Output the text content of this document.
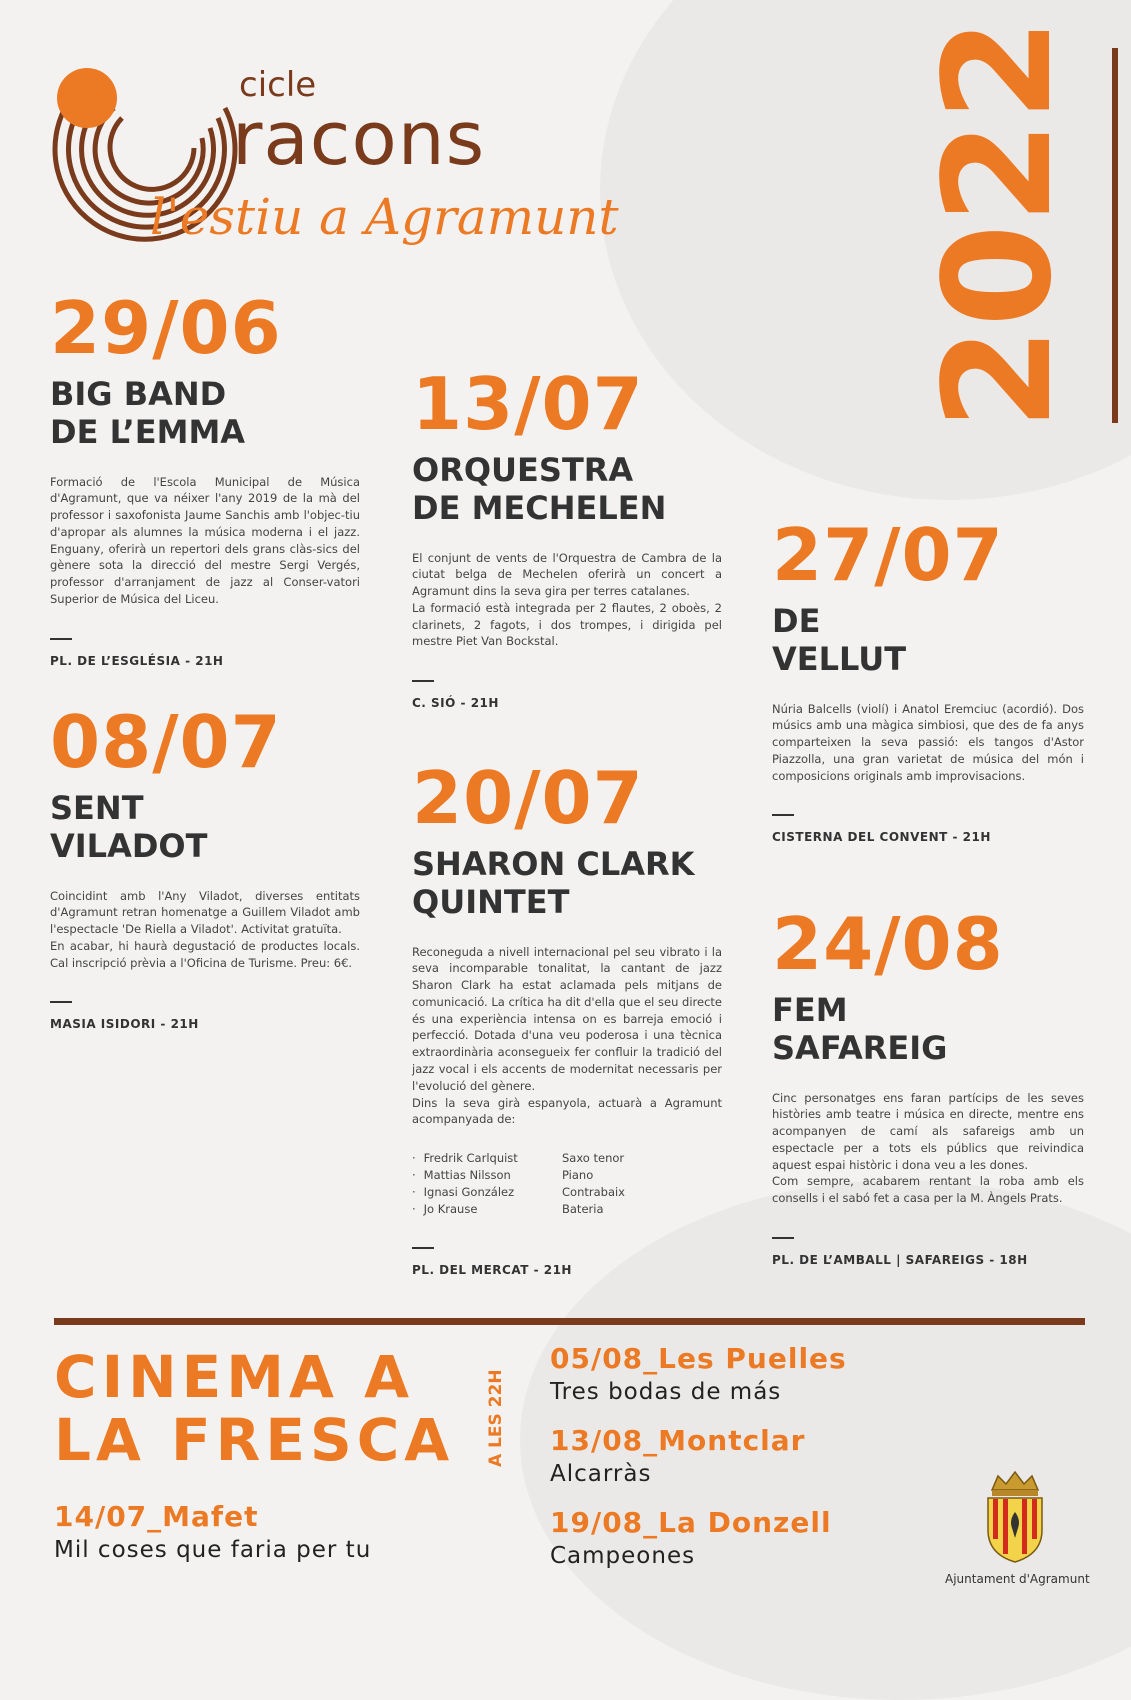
cicle
racons
l'estiu a Agramunt 2022
29/06
BIG BAND
DE L’EMMA
Formació de l'Escola Municipal de Música d'Agramunt, que va néixer l'any 2019 de la mà del professor i saxofonista Jaume Sanchis amb l'objec-tiu d'apropar als alumnes la música moderna i el jazz. Enguany, oferirà un repertori dels grans clàs-sics del gènere sota la direcció del mestre Sergi Vergés, professor d'arranjament de jazz al Conser-vatori Superior de Música del Liceu.
PL. DE L’ESGLÉSIA - 21H
08/07
SENT
VILADOT
Coincidint amb l'Any Viladot, diverses entitats d'Agramunt retran homenatge a Guillem Viladot amb l'espectacle 'De Riella a Viladot'. Activitat gratuïta.
En acabar, hi haurà degustació de productes locals. Cal inscripció prèvia a l'Oficina de Turisme. Preu: 6€.
MASIA ISIDORI - 21H
13/07
ORQUESTRA
DE MECHELEN
El conjunt de vents de l'Orquestra de Cambra de la ciutat belga de Mechelen oferirà un concert a Agramunt dins la seva gira per terres catalanes.
La formació està integrada per 2 flautes, 2 oboès, 2 clarinets, 2 fagots, i dos trompes, i dirigida pel mestre Piet Van Bockstal.
C. SIÓ - 21H
20/07
SHARON CLARK
QUINTET
Reconeguda a nivell internacional pel seu vibrato i la seva incomparable tonalitat, la cantant de jazz Sharon Clark ha estat aclamada pels mitjans de comunicació. La crítica ha dit d'ella que el seu directe és una experiència intensa on es barreja emoció i perfecció. Dotada d'una veu poderosa i una tècnica extraordinària aconsegueix fer confluir la tradició del jazz vocal i els accents de modernitat necessaris per l'evolució del gènere.
Dins la seva girà espanyola, actuarà a Agramunt acompanyada de:
· Fredrik Carlquist	Saxo tenor
· Mattias Nilsson	Piano
· Ignasi González	Contrabaix
· Jo Krause	Bateria
PL. DEL MERCAT - 21H
27/07
DE
VELLUT
Núria Balcells (violí) i Anatol Eremciuc (acordió). Dos músics amb una màgica simbiosi, que des de fa anys comparteixen la seva passió: els tangos d'Astor Piazzolla, una gran varietat de música del món i composicions originals amb improvisacions.
CISTERNA DEL CONVENT - 21H
24/08
FEM
SAFAREIG
Cinc personatges ens faran partícips de les seves històries amb teatre i música en directe, mentre ens acompanyen de camí als safareigs amb un espectacle per a tots els públics que reivindica aquest espai històric i dona veu a les dones.
Com sempre, acabarem rentant la roba amb els consells i el sabó fet a casa per la M. Àngels Prats.
PL. DE L’AMBALL | SAFAREIGS - 18H
CINEMA A
LA FRESCA A LES 22H
14/07_Mafet
Mil coses que faria per tu
05/08_Les Puelles
Tres bodas de más
13/08_Montclar
Alcarràs
19/08_La Donzell
Campeones
Ajuntament d'Agramunt
